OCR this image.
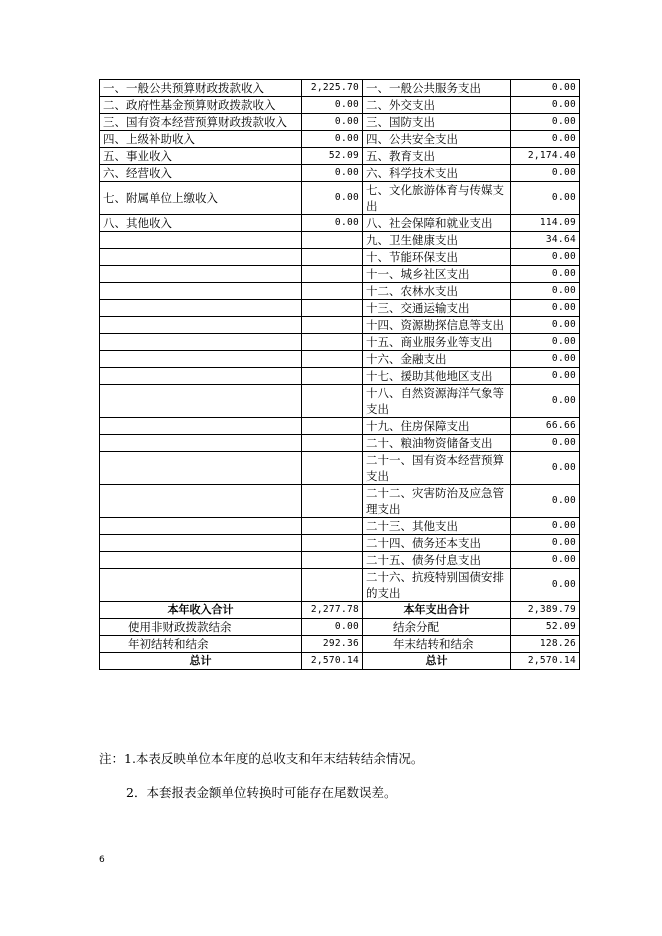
一、一般公共预算财政拨款收入	2,225.70	一、一般公共服务支出	0.00
二、政府性基金预算财政拨款收入	0.00	二、外交支出	0.00
三、国有资本经营预算财政拨款收入	0.00	三、国防支出	0.00
四、上级补助收入	0.00	四、公共安全支出	0.00
五、事业收入	52.09	五、教育支出	2,174.40
六、经营收入	0.00	六、科学技术支出	0.00
七、附属单位上缴收入	0.00	七、文化旅游体育与传媒支出	0.00
八、其他收入	0.00	八、社会保障和就业支出	114.09
		九、卫生健康支出	34.64
		十、节能环保支出	0.00
		十一、城乡社区支出	0.00
		十二、农林水支出	0.00
		十三、交通运输支出	0.00
		十四、资源勘探信息等支出	0.00
		十五、商业服务业等支出	0.00
		十六、金融支出	0.00
		十七、援助其他地区支出	0.00
		十八、自然资源海洋气象等支出	0.00
		十九、住房保障支出	66.66
		二十、粮油物资储备支出	0.00
		二十一、国有资本经营预算支出	0.00
		二十二、灾害防治及应急管理支出	0.00
		二十三、其他支出	0.00
		二十四、债务还本支出	0.00
		二十五、债务付息支出	0.00
		二十六、抗疫特别国债安排的支出	0.00
本年收入合计	2,277.78	本年支出合计	2,389.79
使用非财政拨款结余	0.00	结余分配	52.09
年初结转和结余	292.36	年末结转和结余	128.26
总计	2,570.14	总计	2,570.14
注：1.本表反映单位本年度的总收支和年末结转结余情况。
2．本套报表金额单位转换时可能存在尾数误差。
6
